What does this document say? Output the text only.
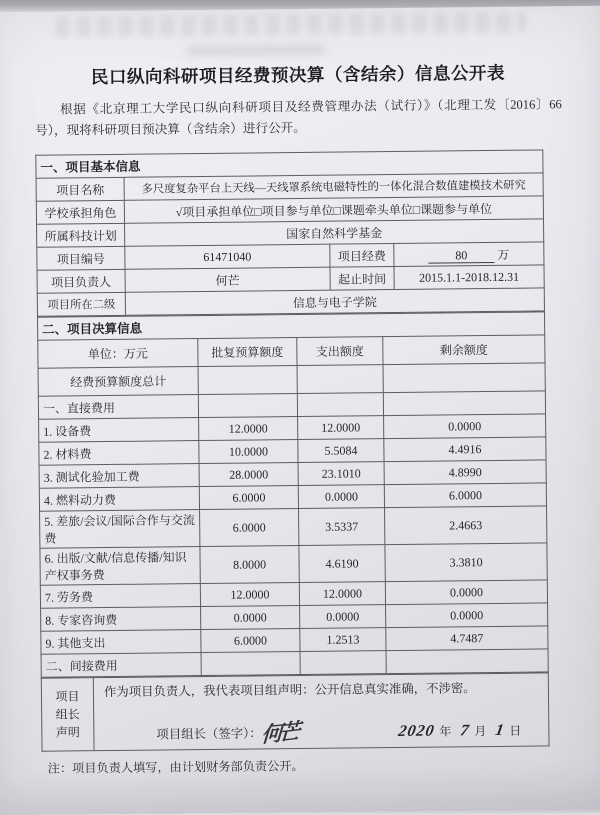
民口纵向科研项目经费预决算（含结余）信息公开表
根据《北京理工大学民口纵向科研项目及经费管理办法（试行）》（北理工发〔2016〕66 号），现将科研项目预决算（含结余）进行公开。
一、项目基本信息			
项目名称	多尺度复杂平台上天线—天线罩系统电磁特性的一体化混合数值建模技术研究		
学校承担角色	√项目承担单位□项目参与单位□课题牵头单位□课题参与单位		
所属科技计划	国家自然科学基金		
项目编号	61471040	项目经费	80 万
项目负责人	何芒	起止时间	2015.1.1-2018.12.31
项目所在二级	信息与电子学院		
二、项目决算信息			
单位：万元	批复预算额度	支出额度	剩余额度
经费预算额度总计			
一、直接费用			
1. 设备费	12.0000	12.0000	0.0000
2. 材料费	10.0000	5.5084	4.4916
3. 测试化验加工费	28.0000	23.1010	4.8990
4. 燃料动力费	6.0000	0.0000	6.0000
5. 差旅/会议/国际合作与交流费	6.0000	3.5337	2.4663
6. 出版/文献/信息传播/知识产权事务费	8.0000	4.6190	3.3810
7. 劳务费	12.0000	12.0000	0.0000
8. 专家咨询费	0.0000	0.0000	0.0000
9. 其他支出	6.0000	1.2513	4.7487
二、间接费用			
项目
组长
声明

作为项目负责人，我代表项目组声明：公开信息真实准确，不涉密。
项目组长（签字）： 何芒	2020 年 7 月 1 日
注：项目负责人填写，由计划财务部负责公开。
